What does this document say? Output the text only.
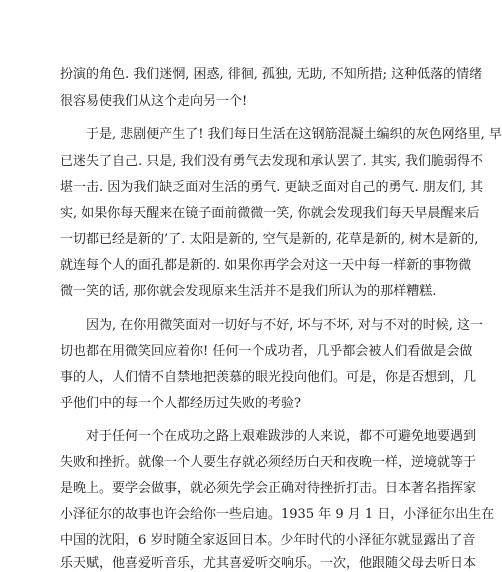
扮演的角色. 我们迷惘, 困惑, 徘徊, 孤独, 无助, 不知所措; 这种低落的情绪
很容易使我们从这个走向另一个!
于是, 悲剧便产生了! 我们每日生活在这钢筋混凝土编织的灰色网络里, 早
已迷失了自己. 只是, 我们没有勇气去发现和承认罢了. 其实, 我们脆弱得不
堪一击. 因为我们缺乏面对生活的勇气. 更缺乏面对自己的勇气. 朋友们, 其
实, 如果你每天醒来在镜子面前微微一笑, 你就会发现我们每天早晨醒来后
一切都已经是新的’了. 太阳是新的, 空气是新的, 花草是新的, 树木是新的,
就连每个人的面孔都是新的. 如果你再学会对这一天中每一样新的事物微
微一笑的话, 那你就会发现原来生活并不是我们所认为的那样糟糕.
因为, 在你用微笑面对一切好与不好, 坏与不坏, 对与不对的时候, 这一
切也都在用微笑回应着你! 任何一个成功者，几乎都会被人们看做是会做
事的人，人们情不自禁地把羡慕的眼光投向他们。可是，你是否想到，几
乎他们中的每一个人都经历过失败的考验?
对于任何一个在成功之路上艰难跋涉的人来说，都不可避免地要遇到
失败和挫折。就像一个人要生存就必须经历白天和夜晚一样，逆境就等于
是晚上。要学会做事，就必须先学会正确对待挫折打击。日本著名指挥家
小泽征尔的故事也许会给你一些启迪。1935 年 9 月 1 日，小泽征尔出生在
中国的沈阳，6 岁时随全家返回日本。少年时代的小泽征尔就显露出了音
乐天赋，他喜爱听音乐，尤其喜爱听交响乐。一次，他跟随父母去听日本
